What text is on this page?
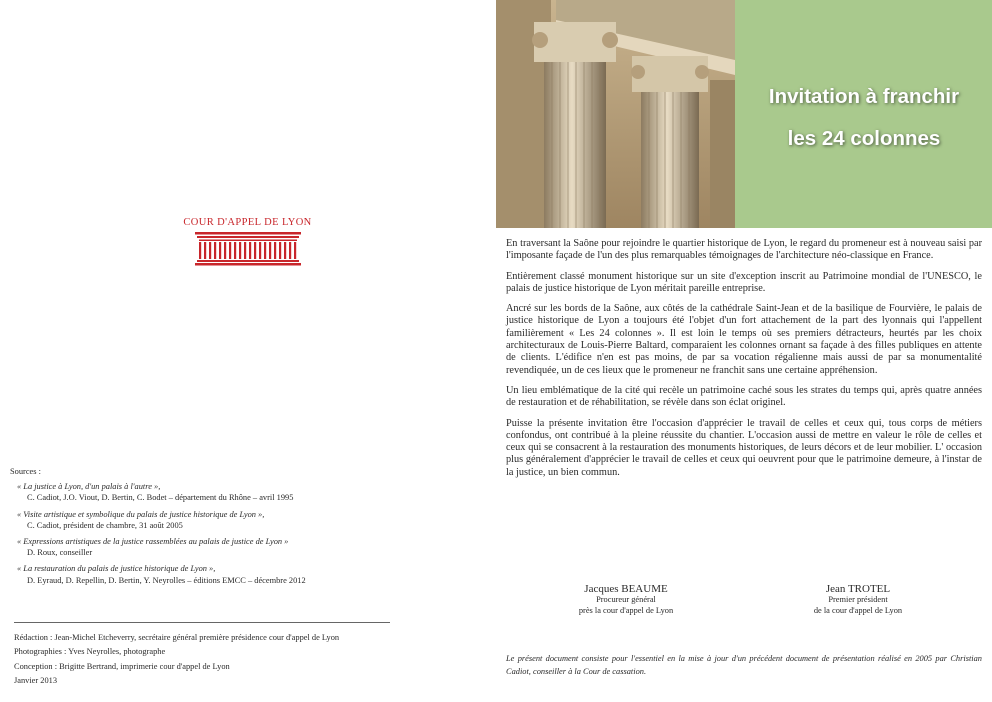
COUR D'APPEL DE LYON
Sources :
« La justice à Lyon, d'un palais à l'autre »,
C. Cadiot, J.O. Viout, D. Bertin, C. Bodet – département du Rhône – avril 1995
« Visite artistique et symbolique du palais de justice historique de Lyon »,
C. Cadiot, président de chambre, 31 août 2005
« Expressions artistiques de la justice rassemblées au palais de justice de Lyon »
D. Roux, conseiller
« La restauration du palais de justice historique de Lyon »,
D. Eyraud, D. Repellin, D. Bertin, Y. Neyrolles – éditions EMCC – décembre 2012
Rédaction : Jean-Michel Etcheverry, secrétaire général première présidence cour d'appel de Lyon
Photographies : Yves Neyrolles, photographe
Conception : Brigitte Bertrand, imprimerie cour d'appel de Lyon
Janvier 2013
Invitation à franchir
les 24 colonnes

En traversant la Saône pour rejoindre le quartier historique de Lyon, le regard du promeneur est à nouveau saisi par l'imposante façade de l'un des plus remarquables témoignages de l'architecture néo-classique en France.

Entièrement classé monument historique sur un site d'exception inscrit au Patrimoine mondial de l'UNESCO, le palais de justice historique de Lyon méritait pareille entreprise.

Ancré sur les bords de la Saône, aux côtés de la cathédrale Saint-Jean et de la basilique de Fourvière, le palais de justice historique de Lyon a toujours été l'objet d'un fort attachement de la part des lyonnais qui l'appellent familièrement « Les 24 colonnes ». Il est loin le temps où ses premiers détracteurs, heurtés par les choix architecturaux de Louis-Pierre Baltard, comparaient les colonnes ornant sa façade à des filles publiques en attente de clients. L'édifice n'en est pas moins, de par sa vocation régalienne mais aussi de par sa monumentalité revendiquée, un de ces lieux que le promeneur ne franchit sans une certaine appréhension.

Un lieu emblématique de la cité qui recèle un patrimoine caché sous les strates du temps qui, après quatre années de restauration et de réhabilitation, se révèle dans son éclat originel.

Puisse la présente invitation être l'occasion d'apprécier le travail de celles et ceux qui, tous corps de métiers confondus, ont contribué à la pleine réussite du chantier. L'occasion aussi de mettre en valeur le rôle de celles et ceux qui se consacrent à la restauration des monuments historiques, de leurs décors et de leur mobilier. L' occasion plus généralement d'apprécier le travail de celles et ceux qui oeuvrent pour que le patrimoine demeure, à l'instar de la justice, un bien commun.

Jacques BEAUME
Procureur général
près la cour d'appel de Lyon
Jean TROTEL
Premier président
de la cour d'appel de Lyon
Le présent document consiste pour l'essentiel en la mise à jour d'un précédent document de présentation réalisé en 2005 par Christian Cadiot, conseiller à la Cour de cassation.
